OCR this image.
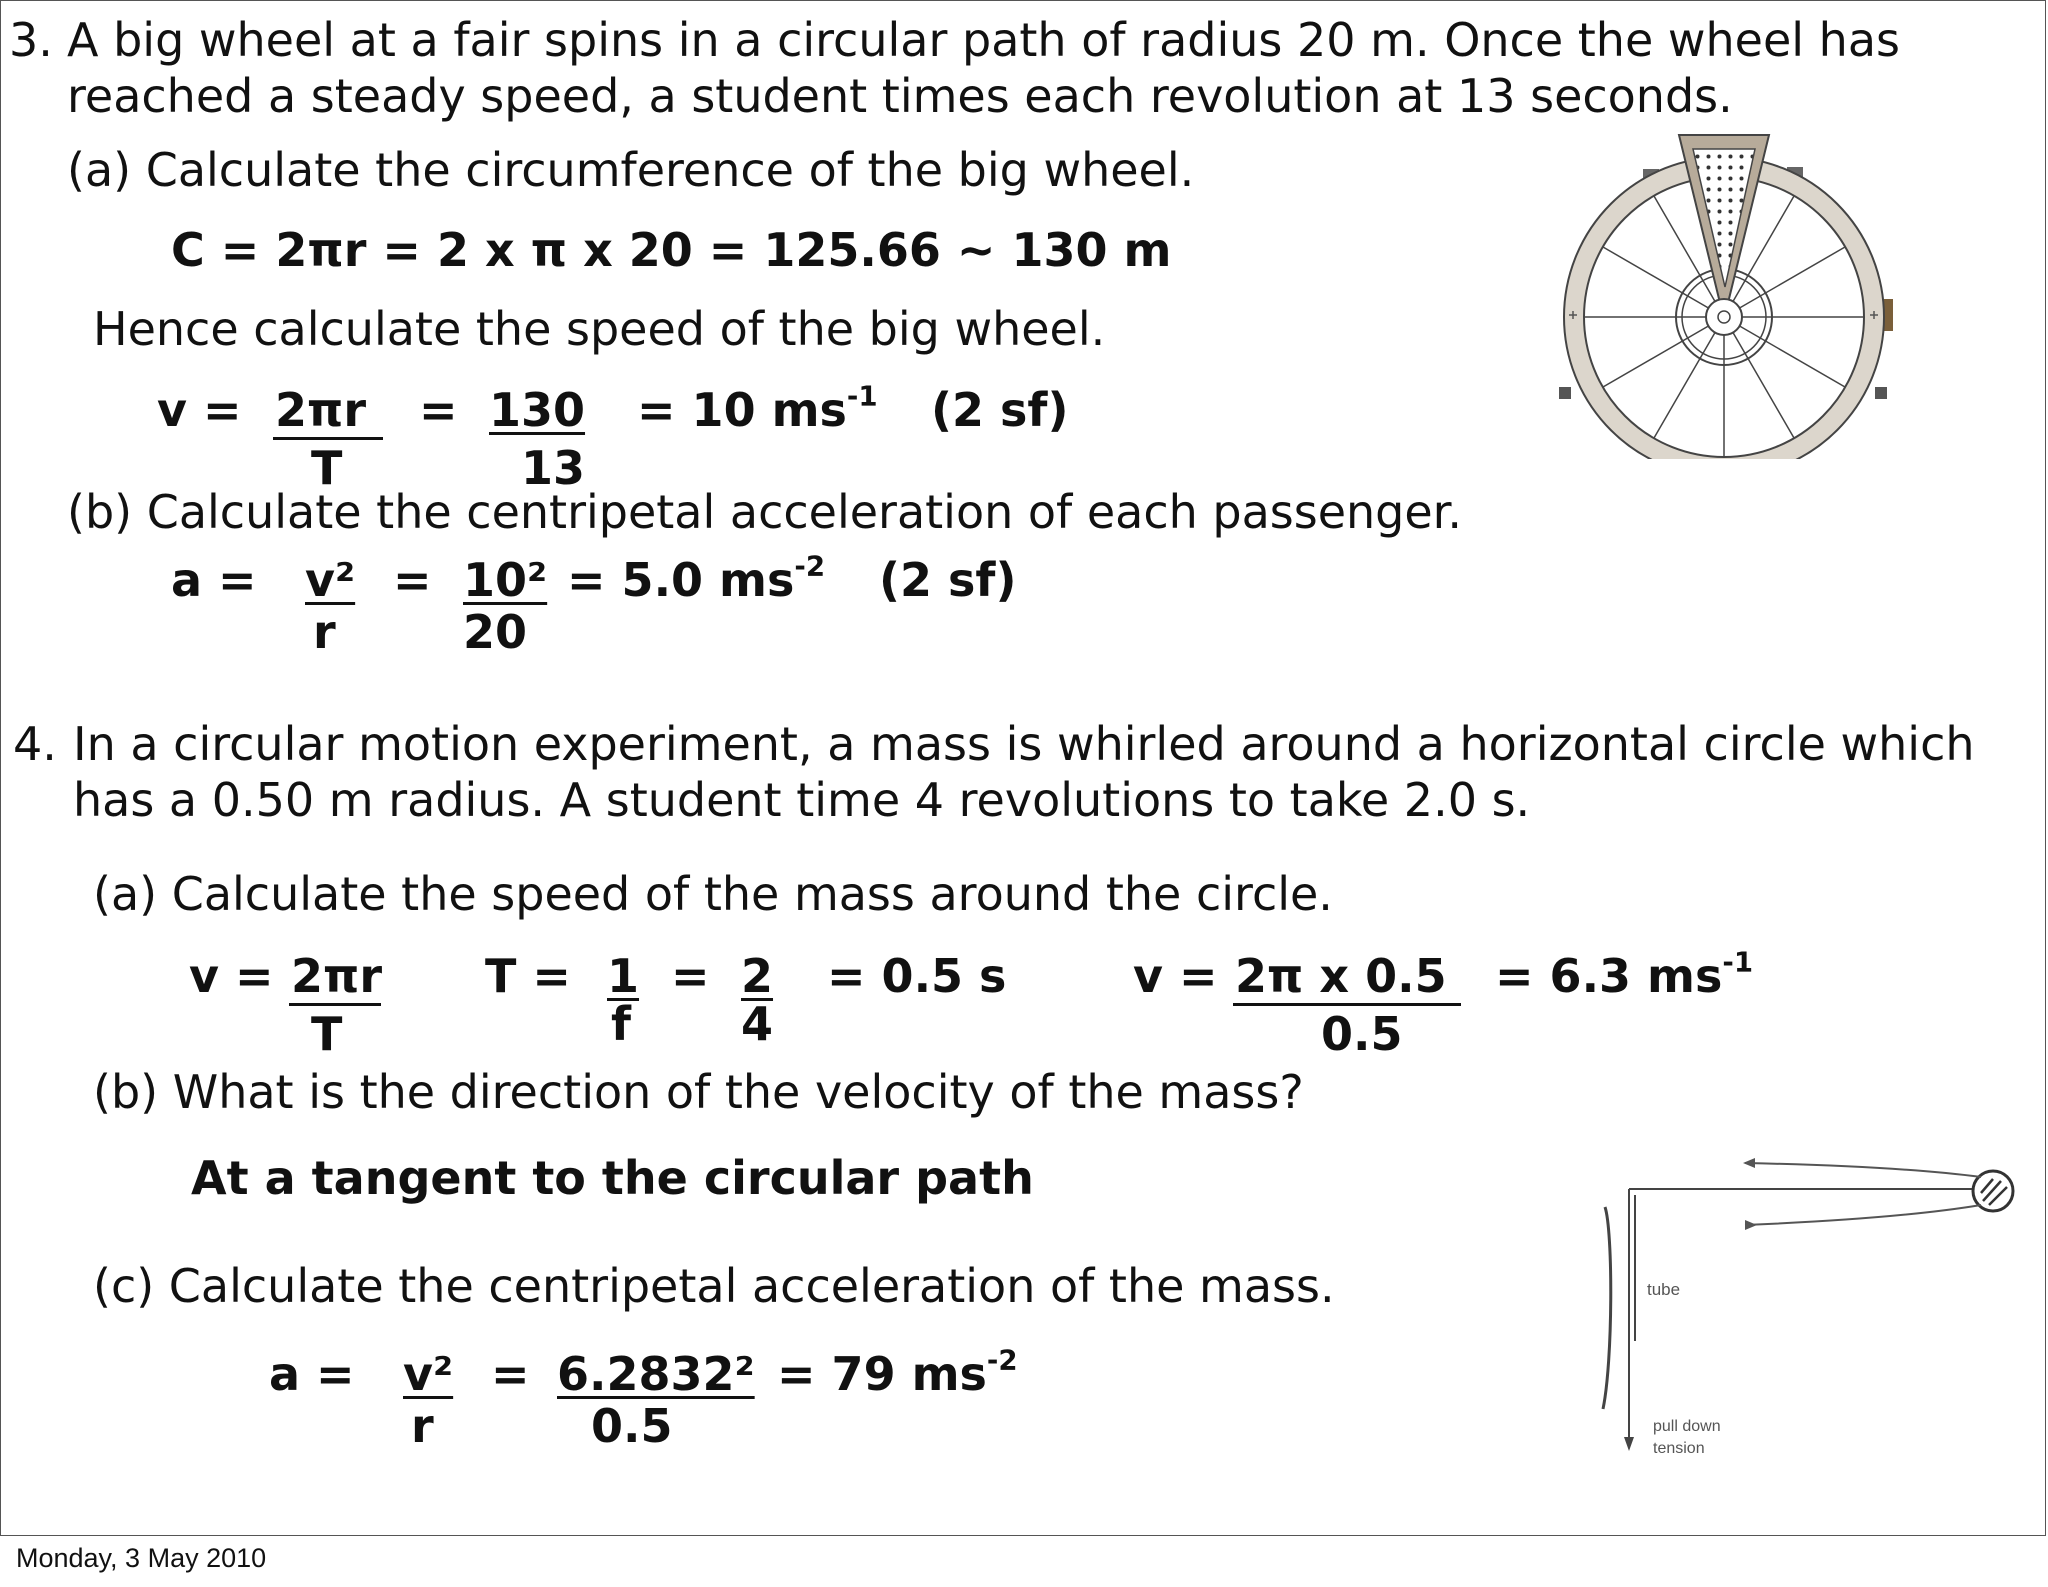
3. A big wheel at a fair spins in a circular path of radius 20 m. Once the wheel has
reached a steady speed, a student times each revolution at 13 seconds.
(a) Calculate the circumference of the big wheel.
C = 2πr = 2 x π x 20 = 125.66 ~ 130 m
Hence calculate the speed of the big wheel.
v = 2πr
T
= 130
13
= 10 $ms^{-1}$ (2 sf)
(b) Calculate the centripetal acceleration of each passenger.
a = v²
r
= 10²
20
= 5.0 $ms^{-2}$ (2 sf)
4. In a circular motion experiment, a mass is whirled around a horizontal circle which
has a 0.50 m radius. A student time 4 revolutions to take 2.0 s.
(a) Calculate the speed of the mass around the circle.
v = 2πr
T
T = 1
f
= 2
4
= 0.5 s	v = 2π x 0.5
0.5
= 6.3 $ms^{-1}$
(b) What is the direction of the velocity of the mass?
At a tangent to the circular path
(c) Calculate the centripetal acceleration of the mass.
a = v²
r
= 6.2832²
0.5
= 79 $ms^{-2}$
tube
pull down
tension
Monday, 3 May 2010
